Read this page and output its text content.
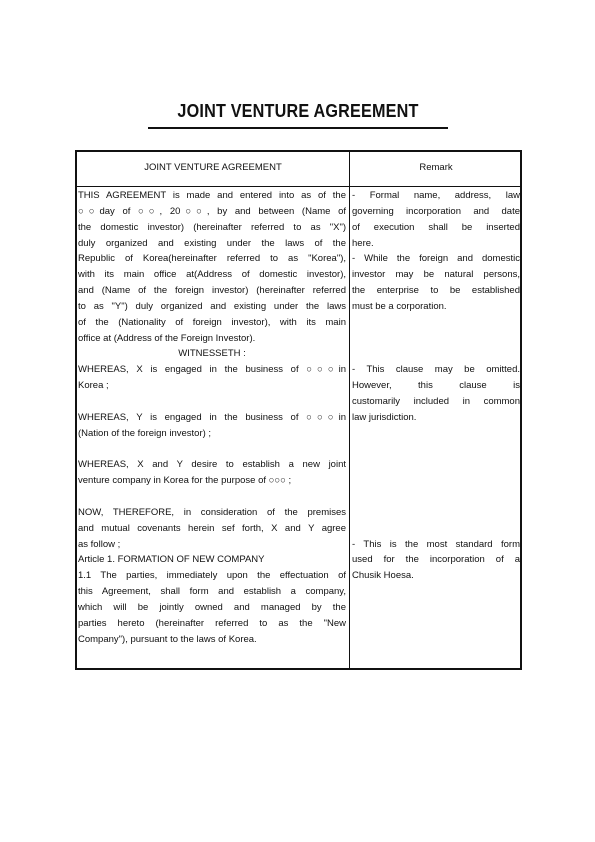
JOINT VENTURE AGREEMENT
JOINT VENTURE AGREEMENT	Remark
THIS AGREEMENT is made and entered into as of the
○○day of ○○, 20○○, by and between (Name of
the domestic investor) (hereinafter referred to as "X")
duly organized and existing under the laws of the
Republic of Korea(hereinafter referred to as "Korea"),
with its main office at(Address of domestic investor),
and (Name of the foreign investor) (hereinafter referred
to as "Y") duly organized and existing under the laws
of the (Nationality of foreign investor), with its main
office at (Address of the Foreign Investor).
WITNESSETH :
WHEREAS, X is engaged in the business of ○○○in
Korea ;
WHEREAS, Y is engaged in the business of ○○○in
(Nation of the foreign investor) ;
WHEREAS, X and Y desire to establish a new joint
venture company in Korea for the purpose of ○○○ ;
NOW, THEREFORE, in consideration of the premises
and mutual covenants herein sef forth, X and Y agree
as follow ;
Article 1. FORMATION OF NEW COMPANY
1.1 The parties, immediately upon the effectuation of
this Agreement, shall form and establish a company,
which will be jointly owned and managed by the
parties hereto (hereinafter referred to as the "New
Company"), pursuant to the laws of Korea.
- Formal name, address, law
governing incorporation and date
of execution shall be inserted
here.
- While the foreign and domestic
investor may be natural persons,
the enterprise to be established
must be a corporation.
- This clause may be omitted.
However, this clause is
customarily included in common
law jurisdiction.
- This is the most standard form
used for the incorporation of a
Chusik Hoesa.
